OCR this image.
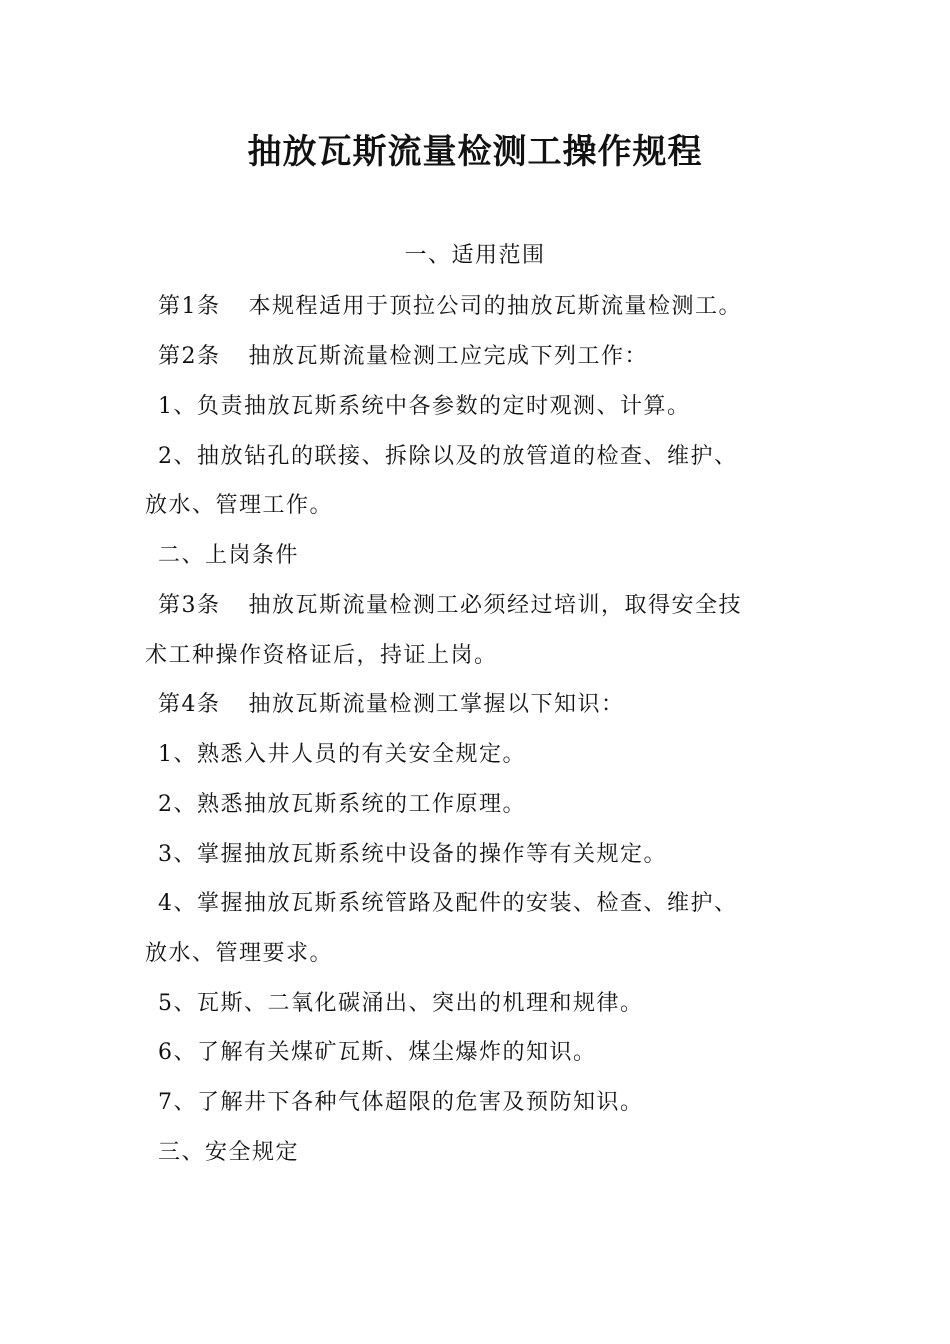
抽放瓦斯流量检测工操作规程
一、适用范围
第1条 本规程适用于顶拉公司的抽放瓦斯流量检测工。
第2条 抽放瓦斯流量检测工应完成下列工作：
1、负责抽放瓦斯系统中各参数的定时观测、计算。
2、抽放钻孔的联接、拆除以及的放管道的检查、维护、
放水、管理工作。
二、上岗条件
第3条 抽放瓦斯流量检测工必须经过培训，取得安全技
术工种操作资格证后，持证上岗。
第4条 抽放瓦斯流量检测工掌握以下知识：
1、熟悉入井人员的有关安全规定。
2、熟悉抽放瓦斯系统的工作原理。
3、掌握抽放瓦斯系统中设备的操作等有关规定。
4、掌握抽放瓦斯系统管路及配件的安装、检查、维护、
放水、管理要求。
5、瓦斯、二氧化碳涌出、突出的机理和规律。
6、了解有关煤矿瓦斯、煤尘爆炸的知识。
7、了解井下各种气体超限的危害及预防知识。
三、安全规定
